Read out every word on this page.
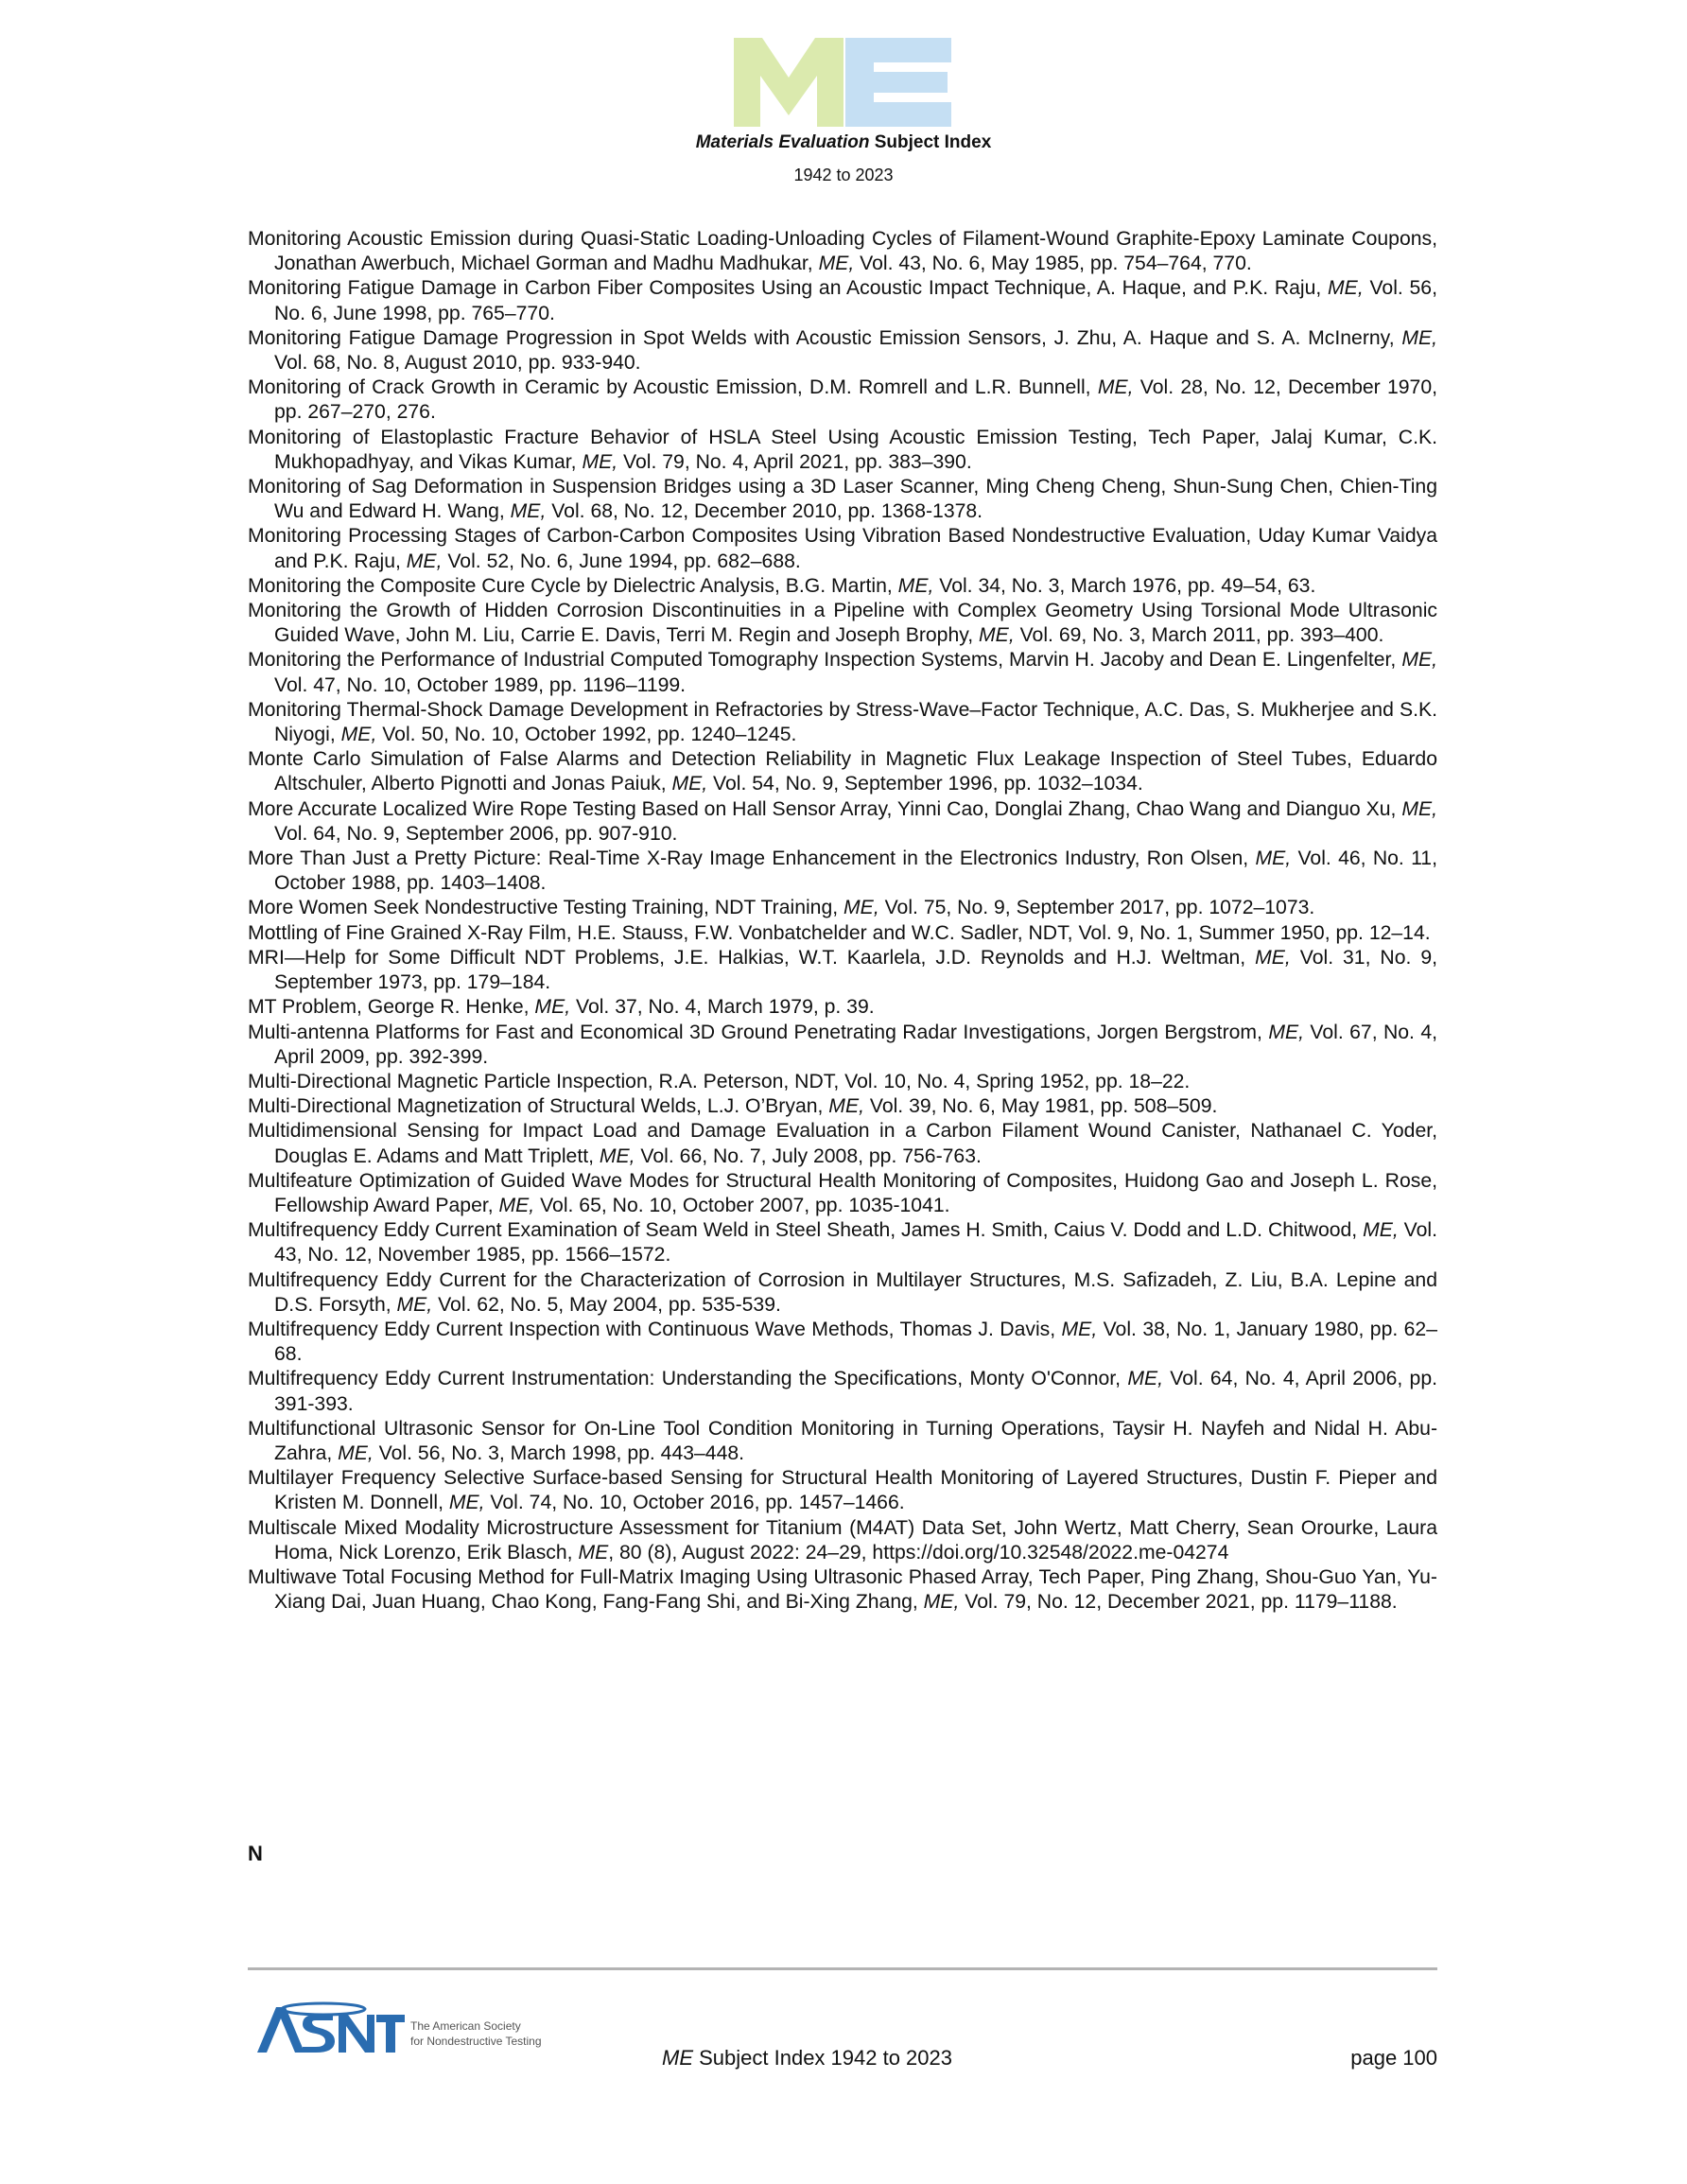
Materials Evaluation Subject Index
1942 to 2023
Monitoring Acoustic Emission during Quasi-Static Loading-Unloading Cycles of Filament-Wound Graphite-Epoxy Laminate Coupons, Jonathan Awerbuch, Michael Gorman and Madhu Madhukar, ME, Vol. 43, No. 6, May 1985, pp. 754–764, 770.
Monitoring Fatigue Damage in Carbon Fiber Composites Using an Acoustic Impact Technique, A. Haque, and P.K. Raju, ME, Vol. 56, No. 6, June 1998, pp. 765–770.
Monitoring Fatigue Damage Progression in Spot Welds with Acoustic Emission Sensors, J. Zhu, A. Haque and S. A. McInerny, ME, Vol. 68, No. 8, August 2010, pp. 933-940.
Monitoring of Crack Growth in Ceramic by Acoustic Emission, D.M. Romrell and L.R. Bunnell, ME, Vol. 28, No. 12, December 1970, pp. 267–270, 276.
Monitoring of Elastoplastic Fracture Behavior of HSLA Steel Using Acoustic Emission Testing, Tech Paper, Jalaj Kumar, C.K. Mukhopadhyay, and Vikas Kumar, ME, Vol. 79, No. 4, April 2021, pp. 383–390.
Monitoring of Sag Deformation in Suspension Bridges using a 3D Laser Scanner, Ming Cheng Cheng, Shun-Sung Chen, Chien-Ting Wu and Edward H. Wang, ME, Vol. 68, No. 12, December 2010, pp. 1368-1378.
Monitoring Processing Stages of Carbon-Carbon Composites Using Vibration Based Nondestructive Evaluation, Uday Kumar Vaidya and P.K. Raju, ME, Vol. 52, No. 6, June 1994, pp. 682–688.
Monitoring the Composite Cure Cycle by Dielectric Analysis, B.G. Martin, ME, Vol. 34, No. 3, March 1976, pp. 49–54, 63.
Monitoring the Growth of Hidden Corrosion Discontinuities in a Pipeline with Complex Geometry Using Torsional Mode Ultrasonic Guided Wave, John M. Liu, Carrie E. Davis, Terri M. Regin and Joseph Brophy, ME, Vol. 69, No. 3, March 2011, pp. 393–400.
Monitoring the Performance of Industrial Computed Tomography Inspection Systems, Marvin H. Jacoby and Dean E. Lingenfelter, ME, Vol. 47, No. 10, October 1989, pp. 1196–1199.
Monitoring Thermal-Shock Damage Development in Refractories by Stress-Wave–Factor Technique, A.C. Das, S. Mukherjee and S.K. Niyogi, ME, Vol. 50, No. 10, October 1992, pp. 1240–1245.
Monte Carlo Simulation of False Alarms and Detection Reliability in Magnetic Flux Leakage Inspection of Steel Tubes, Eduardo Altschuler, Alberto Pignotti and Jonas Paiuk, ME, Vol. 54, No. 9, September 1996, pp. 1032–1034.
More Accurate Localized Wire Rope Testing Based on Hall Sensor Array, Yinni Cao, Donglai Zhang, Chao Wang and Dianguo Xu, ME, Vol. 64, No. 9, September 2006, pp. 907-910.
More Than Just a Pretty Picture: Real-Time X-Ray Image Enhancement in the Electronics Industry, Ron Olsen, ME, Vol. 46, No. 11, October 1988, pp. 1403–1408.
More Women Seek Nondestructive Testing Training, NDT Training, ME, Vol. 75, No. 9, September 2017, pp. 1072–1073.
Mottling of Fine Grained X-Ray Film, H.E. Stauss, F.W. Vonbatchelder and W.C. Sadler, NDT, Vol. 9, No. 1, Summer 1950, pp. 12–14.
MRI—Help for Some Difficult NDT Problems, J.E. Halkias, W.T. Kaarlela, J.D. Reynolds and H.J. Weltman, ME, Vol. 31, No. 9, September 1973, pp. 179–184.
MT Problem, George R. Henke, ME, Vol. 37, No. 4, March 1979, p. 39.
Multi-antenna Platforms for Fast and Economical 3D Ground Penetrating Radar Investigations, Jorgen Bergstrom, ME, Vol. 67, No. 4, April 2009, pp. 392-399.
Multi-Directional Magnetic Particle Inspection, R.A. Peterson, NDT, Vol. 10, No. 4, Spring 1952, pp. 18–22.
Multi-Directional Magnetization of Structural Welds, L.J. O’Bryan, ME, Vol. 39, No. 6, May 1981, pp. 508–509.
Multidimensional Sensing for Impact Load and Damage Evaluation in a Carbon Filament Wound Canister, Nathanael C. Yoder, Douglas E. Adams and Matt Triplett, ME, Vol. 66, No. 7, July 2008, pp. 756-763.
Multifeature Optimization of Guided Wave Modes for Structural Health Monitoring of Composites, Huidong Gao and Joseph L. Rose, Fellowship Award Paper, ME, Vol. 65, No. 10, October 2007, pp. 1035-1041.
Multifrequency Eddy Current Examination of Seam Weld in Steel Sheath, James H. Smith, Caius V. Dodd and L.D. Chitwood, ME, Vol. 43, No. 12, November 1985, pp. 1566–1572.
Multifrequency Eddy Current for the Characterization of Corrosion in Multilayer Structures, M.S. Safizadeh, Z. Liu, B.A. Lepine and D.S. Forsyth, ME, Vol. 62, No. 5, May 2004, pp. 535-539.
Multifrequency Eddy Current Inspection with Continuous Wave Methods, Thomas J. Davis, ME, Vol. 38, No. 1, January 1980, pp. 62–68.
Multifrequency Eddy Current Instrumentation: Understanding the Specifications, Monty O'Connor, ME, Vol. 64, No. 4, April 2006, pp. 391-393.
Multifunctional Ultrasonic Sensor for On-Line Tool Condition Monitoring in Turning Operations, Taysir H. Nayfeh and Nidal H. Abu-Zahra, ME, Vol. 56, No. 3, March 1998, pp. 443–448.
Multilayer Frequency Selective Surface-based Sensing for Structural Health Monitoring of Layered Structures, Dustin F. Pieper and Kristen M. Donnell, ME, Vol. 74, No. 10, October 2016, pp. 1457–1466.
Multiscale Mixed Modality Microstructure Assessment for Titanium (M4AT) Data Set, John Wertz, Matt Cherry, Sean Orourke, Laura Homa, Nick Lorenzo, Erik Blasch, ME, 80 (8), August 2022: 24–29, https://doi.org/10.32548/2022.me-04274
Multiwave Total Focusing Method for Full-Matrix Imaging Using Ultrasonic Phased Array, Tech Paper, Ping Zhang, Shou-Guo Yan, Yu-Xiang Dai, Juan Huang, Chao Kong, Fang-Fang Shi, and Bi-Xing Zhang, ME, Vol. 79, No. 12, December 2021, pp. 1179–1188.
N
The American Society
for Nondestructive Testing
ME Subject Index 1942 to 2023	page 100
